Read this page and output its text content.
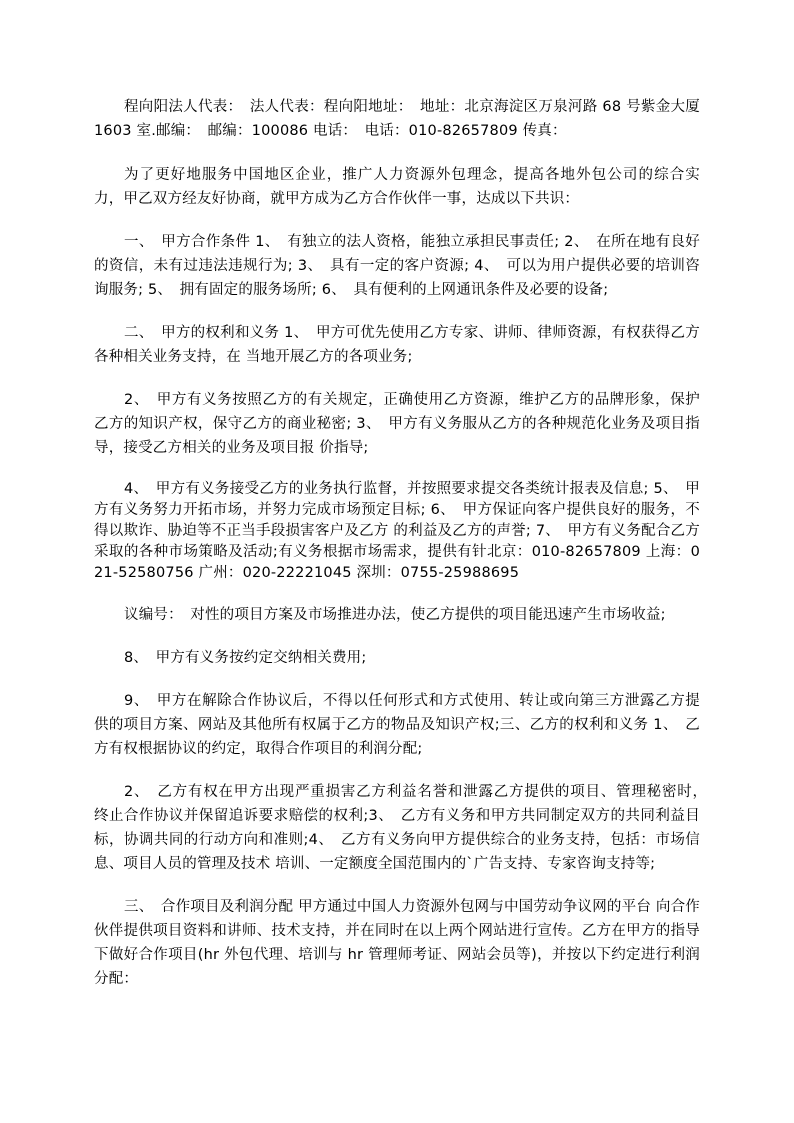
程向阳法人代表：　法人代表：程向阳地址：　地址：北京海淀区万泉河路 68 号紫金大厦 1603 室.邮编：　邮编：100086 电话：　电话：010-82657809 传真：

为了更好地服务中国地区企业，推广人力资源外包理念，提高各地外包公司的综合实 力，甲乙双方经友好协商，就甲方成为乙方合作伙伴一事，达成以下共识：

一、　甲方合作条件 1、　有独立的法人资格，能独立承担民事责任; 2、　在所在地有良好的资信，未有过违法违规行为; 3、　具有一定的客户资源; 4、　可以为用户提供必要的培训咨询服务; 5、　拥有固定的服务场所; 6、　具有便利的上网通讯条件及必要的设备;

二、　甲方的权利和义务 1、　甲方可优先使用乙方专家、讲师、律师资源，有权获得乙方各种相关业务支持，在 当地开展乙方的各项业务;

2、　甲方有义务按照乙方的有关规定，正确使用乙方资源，维护乙方的品牌形象，保护 乙方的知识产权，保守乙方的商业秘密; 3、　甲方有义务服从乙方的各种规范化业务及项目指导，接受乙方相关的业务及项目报 价指导;

4、　甲方有义务接受乙方的业务执行监督，并按照要求提交各类统计报表及信息; 5、　甲方有义务努力开拓市场，并努力完成市场预定目标; 6、　甲方保证向客户提供良好的服务，不得以欺诈、胁迫等不正当手段损害客户及乙方 的利益及乙方的声誉; 7、　甲方有义务配合乙方采取的各种市场策略及活动;有义务根据市场需求，提供有针北京：010-82657809 上海：021-52580756 广州：020-22221045 深圳：0755-25988695

议编号：　对性的项目方案及市场推进办法，使乙方提供的项目能迅速产生市场收益;

8、　甲方有义务按约定交纳相关费用;

9、　甲方在解除合作协议后，不得以任何形式和方式使用、转让或向第三方泄露乙方提 供的项目方案、网站及其他所有权属于乙方的物品及知识产权;三、乙方的权利和义务 1、　乙方有权根据协议的约定，取得合作项目的利润分配;

2、　乙方有权在甲方出现严重损害乙方利益名誉和泄露乙方提供的项目、管理秘密时，　终止合作协议并保留追诉要求赔偿的权利;3、　乙方有义务和甲方共同制定双方的共同利益目标，协调共同的行动方向和准则;4、　乙方有义务向甲方提供综合的业务支持，包括：市场信息、项目人员的管理及技术 培训、一定额度全国范围内的`广告支持、专家咨询支持等;

三、　合作项目及利润分配 甲方通过中国人力资源外包网与中国劳动争议网的平台 向合作伙伴提供项目资料和讲师、技术支持，并在同时在以上两个网站进行宣传。乙方在甲方的指导下做好合作项目(hr 外包代理、培训与 hr 管理师考证、网站会员等)，并按以下约定进行利润分配：
